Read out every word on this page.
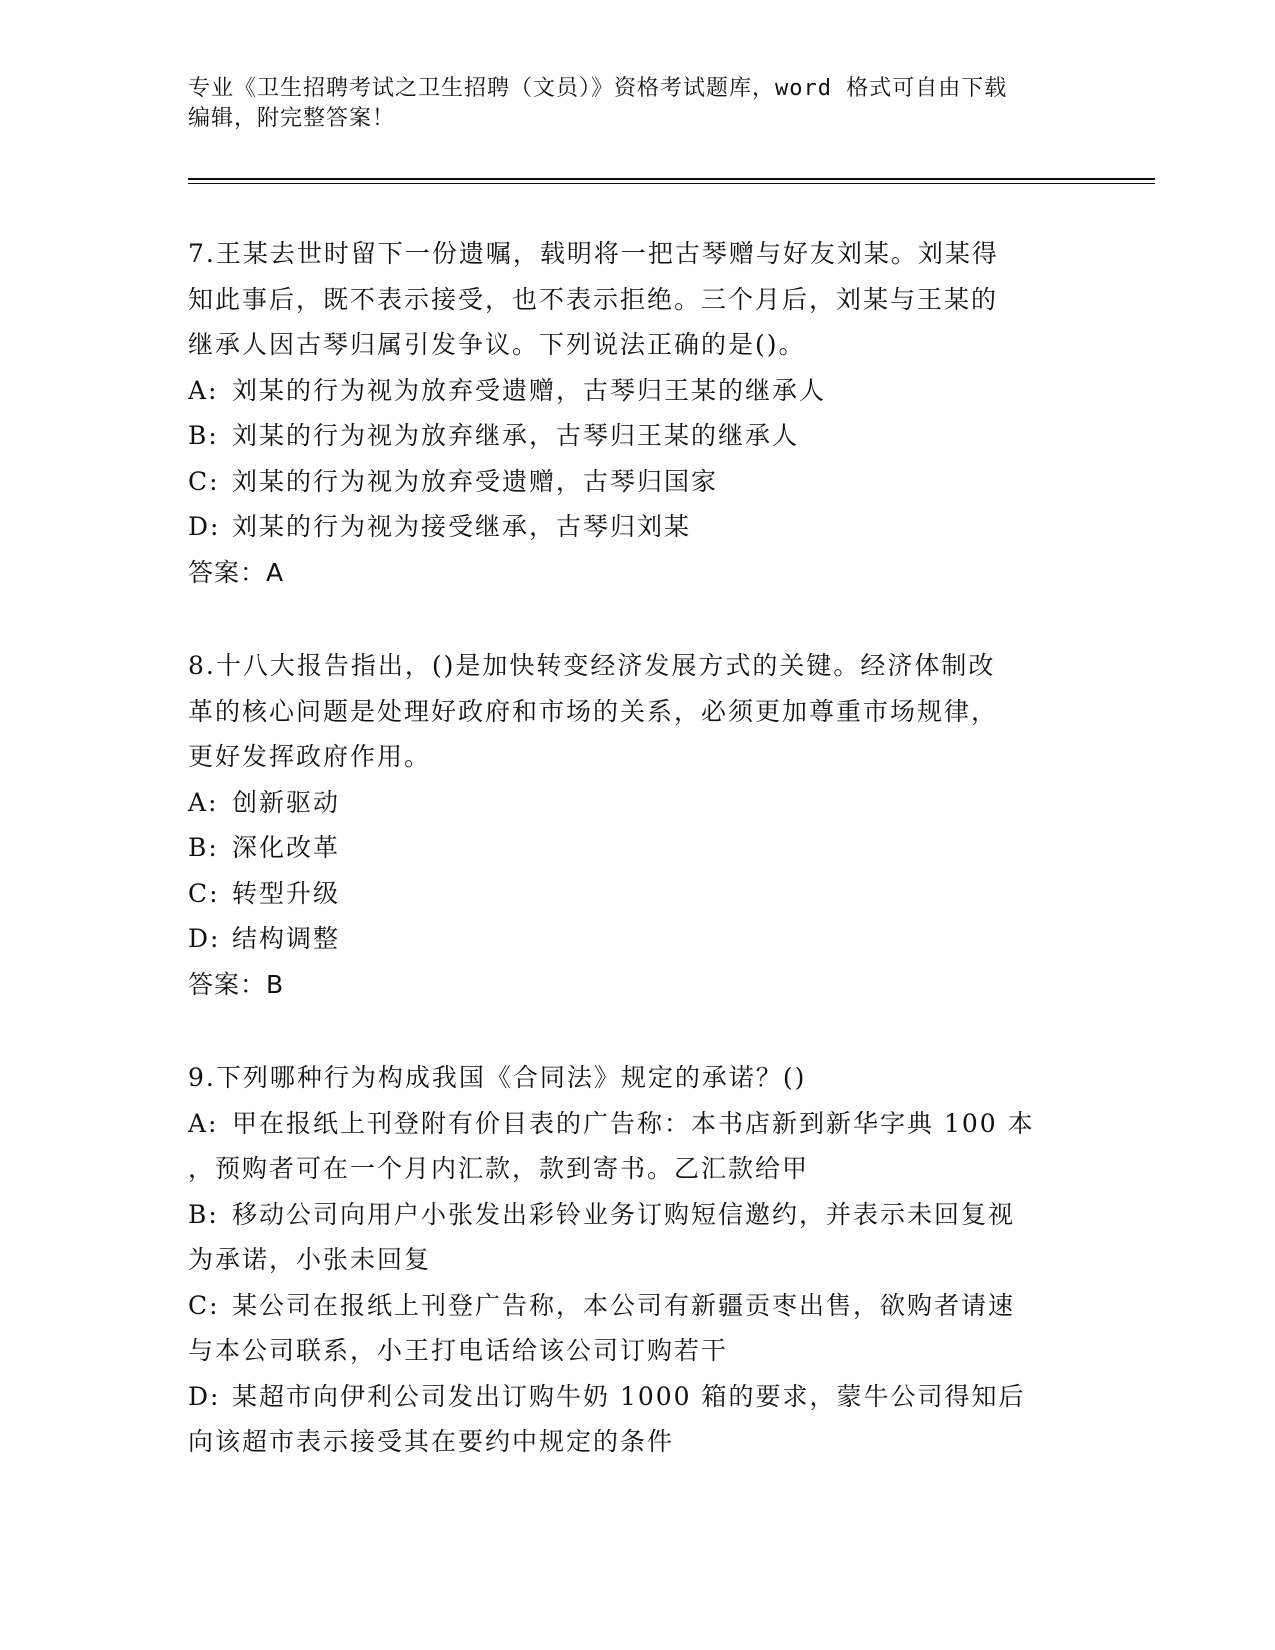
专业《卫生招聘考试之卫生招聘（文员）》资格考试题库，word 格式可自由下载
编辑，附完整答案！

7.王某去世时留下一份遗嘱，载明将一把古琴赠与好友刘某。刘某得
知此事后，既不表示接受，也不表示拒绝。三个月后，刘某与王某的
继承人因古琴归属引发争议。下列说法正确的是()。

A: 刘某的行为视为放弃受遗赠，古琴归王某的继承人
B: 刘某的行为视为放弃继承，古琴归王某的继承人
C: 刘某的行为视为放弃受遗赠，古琴归国家
D: 刘某的行为视为接受继承，古琴归刘某

答案：A

8.十八大报告指出，()是加快转变经济发展方式的关键。经济体制改
革的核心问题是处理好政府和市场的关系，必须更加尊重市场规律，
更好发挥政府作用。

A: 创新驱动
B: 深化改革
C: 转型升级
D: 结构调整

答案：B

9.下列哪种行为构成我国《合同法》规定的承诺？()

A: 甲在报纸上刊登附有价目表的广告称：本书店新到新华字典 100 本

，预购者可在一个月内汇款，款到寄书。乙汇款给甲

B: 移动公司向用户小张发出彩铃业务订购短信邀约，并表示未回复视

为承诺，小张未回复

C: 某公司在报纸上刊登广告称，本公司有新疆贡枣出售，欲购者请速

与本公司联系，小王打电话给该公司订购若干

D: 某超市向伊利公司发出订购牛奶 1000 箱的要求，蒙牛公司得知后

向该超市表示接受其在要约中规定的条件
